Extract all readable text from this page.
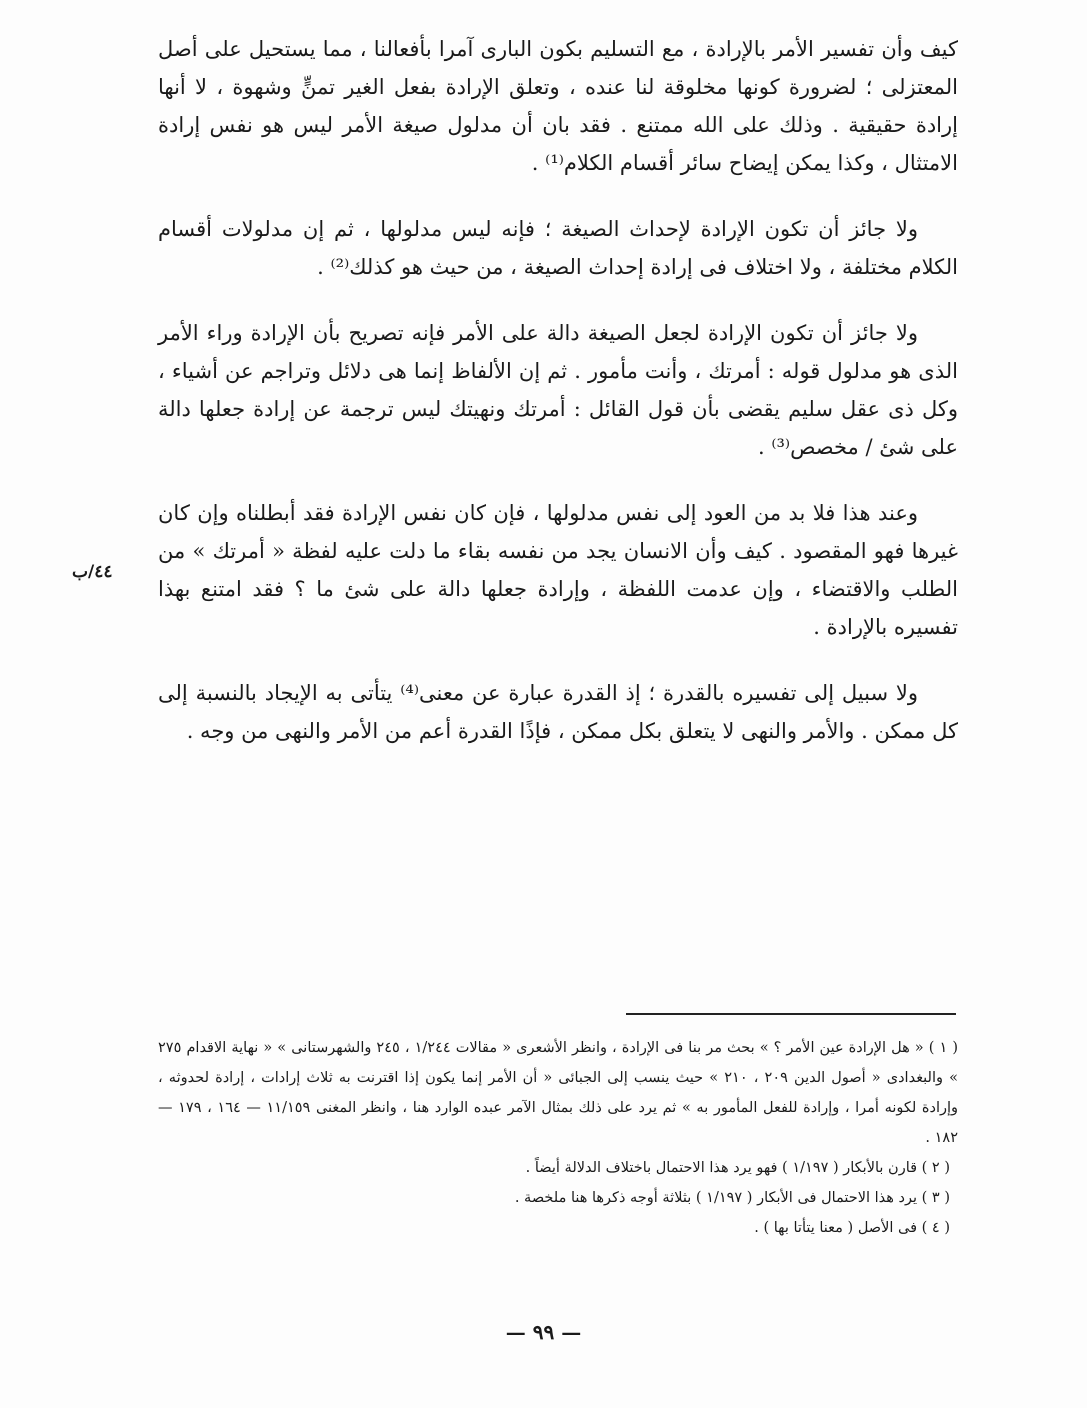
كيف وأن تفسير الأمر بالإرادة ، مع التسليم بكون البارى آمرا بأفعالنا ، مما يستحيل على أصل المعتزلى ؛ لضرورة كونها مخلوقة لنا عنده ، وتعلق الإرادة بفعل الغير تمنٍّ وشهوة ، لا أنها إرادة حقيقية . وذلك على الله ممتنع . فقد بان أن مدلول صيغة الأمر ليس هو نفس إرادة الامتثال ، وكذا يمكن إيضاح سائر أقسام الكلام⁽¹⁾ .

ولا جائز أن تكون الإرادة لإحداث الصيغة ؛ فإنه ليس مدلولها ، ثم إن مدلولات أقسام الكلام مختلفة ، ولا اختلاف فى إرادة إحداث الصيغة ، من حيث هو كذلك⁽²⁾ .

ولا جائز أن تكون الإرادة لجعل الصيغة دالة على الأمر فإنه تصريح بأن الإرادة وراء الأمر الذى هو مدلول قوله : أمرتك ، وأنت مأمور . ثم إن الألفاظ إنما هى دلائل وتراجم عن أشياء ، وكل ذى عقل سليم يقضى بأن قول القائل : أمرتك ونهيتك ليس ترجمة عن إرادة جعلها دالة على شئ / مخصص⁽³⁾ .

وعند هذا فلا بد من العود إلى نفس مدلولها ، فإن كان نفس الإرادة فقد أبطلناه وإن كان غيرها فهو المقصود . كيف وأن الانسان يجد من نفسه بقاء ما دلت عليه لفظة « أمرتك » من الطلب والاقتضاء ، وإن عدمت اللفظة ، وإرادة جعلها دالة على شئ ما ؟ فقد امتنع بهذا تفسيره بالإرادة .

ولا سبيل إلى تفسيره بالقدرة ؛ إذ القدرة عبارة عن معنى⁽⁴⁾ يتأتى به الإيجاد بالنسبة إلى كل ممكن . والأمر والنهى لا يتعلق بكل ممكن ، فإذًا القدرة أعم من الأمر والنهى من وجه .

٤٤/ب

( ١ ) « هل الإرادة عين الأمر ؟ » بحث مر بنا فى الإرادة ، وانظر الأشعرى « مقالات ١/٢٤٤ ، ٢٤٥ والشهرستانى » « نهاية الاقدام ٢٧٥ » والبغدادى « أصول الدين ٢٠٩ ، ٢١٠ » حيث ينسب إلى الجبائى « أن الأمر إنما يكون إذا اقترنت به ثلاث إرادات ، إرادة لحدوثه ، وإرادة لكونه أمرا ، وإرادة للفعل المأمور به » ثم يرد على ذلك بمثال الآمر عبده الوارد هنا ، وانظر المغنى ١١/١٥٩ — ١٦٤ ، ١٧٩ — ١٨٢ .

( ٢ ) قارن بالأبكار ( ١/١٩٧ ) فهو يرد هذا الاحتمال باختلاف الدلالة أيضاً .

( ٣ ) يرد هذا الاحتمال فى الأبكار ( ١/١٩٧ ) بثلاثة أوجه ذكرها هنا ملخصة .

( ٤ ) فى الأصل ( معنا يتأتا بها ) .

— ٩٩ —
